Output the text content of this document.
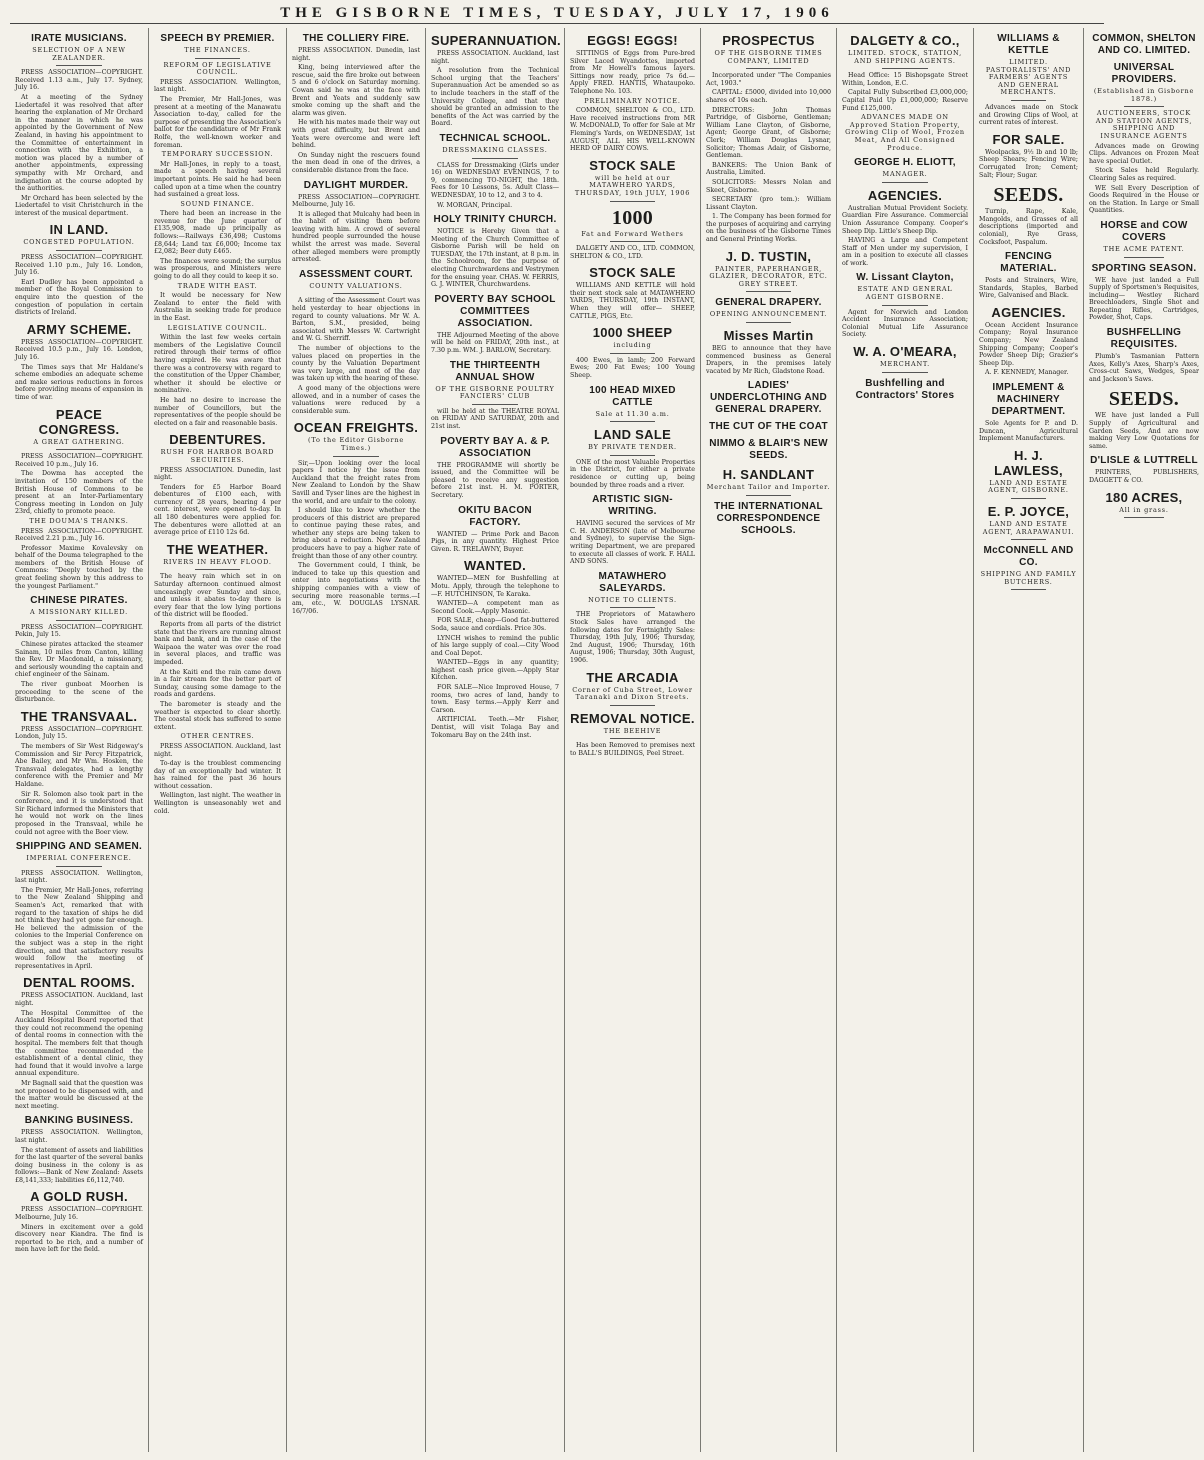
THE GISBORNE TIMES, TUESDAY, JULY 17, 1906
IRATE MUSICIANS.
SELECTION OF A NEW ZEALANDER.

PRESS ASSOCIATION—COPYRIGHT. Received 1.13 a.m., July 17. Sydney, July 16.

At a meeting of the Sydney Liedertafel it was resolved that after hearing the explanation of Mr Orchard in the manner in which he was appointed by the Government of New Zealand, in having his appointment to the Committee of entertainment in connection with the Exhibition, a motion was placed by a number of another appointments, expressing sympathy with Mr Orchard, and indignation at the course adopted by the authorities.

Mr Orchard has been selected by the Liedertafel to visit Christchurch in the interest of the musical department.

IN LAND.
CONGESTED POPULATION.

PRESS ASSOCIATION—COPYRIGHT. Received 1.10 p.m., July 16. London, July 16.

Earl Dudley has been appointed a member of the Royal Commission to enquire into the question of the congestion of population in certain districts of Ireland.

ARMY SCHEME.

PRESS ASSOCIATION—COPYRIGHT. Received 10.5 p.m., July 16. London, July 16.

The Times says that Mr Haldane's scheme embodies an adequate scheme and make serious reductions in forces before providing means of expansion in time of war.

PEACE CONGRESS.
A GREAT GATHERING.

PRESS ASSOCIATION—COPYRIGHT. Received 10 p.m., July 16.

The Dowma has accepted the invitation of 150 members of the British House of Commons to be present at an Inter-Parliamentary Congress meeting in London on July 23rd, chiefly to promote peace.

THE DOUMA'S THANKS.

PRESS ASSOCIATION—COPYRIGHT. Received 2.21 p.m., July 16.

Professor Maxime Kovalevsky on behalf of the Douma telegraphed to the members of the British House of Commons: "Deeply touched by the great feeling shown by this address to the youngest Parliament."

CHINESE PIRATES.
A MISSIONARY KILLED.

PRESS ASSOCIATION—COPYRIGHT. Pekin, July 15.

Chinese pirates attacked the steamer Sainam, 10 miles from Canton, killing the Rev. Dr Macdonald, a missionary, and seriously wounding the captain and chief engineer of the Sainam.

The river gunboat Moorhen is proceeding to the scene of the disturbance.

THE TRANSVAAL.

PRESS ASSOCIATION—COPYRIGHT. London, July 15.

The members of Sir West Ridgeway's Commission and Sir Percy Fitzpatrick, Abe Bailey, and Mr Wm. Hosken, the Transvaal delegates, had a lengthy conference with the Premier and Mr Haldane.

Sir R. Solomon also took part in the conference, and it is understood that Sir Richard informed the Ministers that he would not work on the lines proposed in the Transvaal, while he could not agree with the Boer view.

SHIPPING AND SEAMEN.
IMPERIAL CONFERENCE.

PRESS ASSOCIATION. Wellington, last night.

The Premier, Mr Hall-Jones, referring to the New Zealand Shipping and Seamen's Act, remarked that with regard to the taxation of ships he did not think they had yet gone far enough. He believed the admission of the colonies to the Imperial Conference on the subject was a step in the right direction, and that satisfactory results would follow the meeting of representatives in April.

DENTAL ROOMS.

PRESS ASSOCIATION. Auckland, last night.

The Hospital Committee of the Auckland Hospital Board reported that they could not recommend the opening of dental rooms in connection with the hospital. The members felt that though the committee recommended the establishment of a dental clinic, they had found that it would involve a large annual expenditure.

Mr Bagnall said that the question was not proposed to be dispensed with, and the matter would be discussed at the next meeting.

BANKING BUSINESS.

PRESS ASSOCIATION. Wellington, last night.

The statement of assets and liabilities for the last quarter of the several banks doing business in the colony is as follows:—Bank of New Zealand: Assets £8,141,333; liabilities £6,112,740.

A GOLD RUSH.

PRESS ASSOCIATION—COPYRIGHT. Melbourne, July 16.

Miners in excitement over a gold discovery near Kiandra. The find is reported to be rich, and a number of men have left for the field.

SPEECH BY PREMIER.
THE FINANCES.
REFORM OF LEGISLATIVE COUNCIL.

PRESS ASSOCIATION. Wellington, last night.

The Premier, Mr Hall-Jones, was present at a meeting of the Manawatu Association to-day, called for the purpose of presenting the Association's ballot for the candidature of Mr Frank Rolfe, the well-known worker and foreman.

TEMPORARY SUCCESSION.

Mr Hall-Jones, in reply to a toast, made a speech having several important points. He said he had been called upon at a time when the country had sustained a great loss.

SOUND FINANCE.

There had been an increase in the revenue for the June quarter of £135,908, made up principally as follows:—Railways £36,498; Customs £8,644; Land tax £6,000; Income tax £2,082; Beer duty £465.

The finances were sound; the surplus was prosperous, and Ministers were going to do all they could to keep it so.

TRADE WITH EAST.

It would be necessary for New Zealand to enter the field with Australia in seeking trade for produce in the East.

LEGISLATIVE COUNCIL.

Within the last few weeks certain members of the Legislative Council retired through their terms of office having expired. He was aware that there was a controversy with regard to the constitution of the Upper Chamber, whether it should be elective or nominative.

He had no desire to increase the number of Councillors, but the representatives of the people should be elected on a fair and reasonable basis.

DEBENTURES.
RUSH FOR HARBOR BOARD SECURITIES.

PRESS ASSOCIATION. Dunedin, last night.

Tenders for £5 Harbor Board debentures of £100 each, with currency of 28 years, bearing 4 per cent. interest, were opened to-day. In all 180 debentures were applied for. The debentures were allotted at an average price of £110 12s 6d.

THE WEATHER.
RIVERS IN HEAVY FLOOD.

The heavy rain which set in on Saturday afternoon continued almost unceasingly over Sunday and since, and unless it abates to-day there is every fear that the low lying portions of the district will be flooded.

Reports from all parts of the district state that the rivers are running almost bank and bank, and in the case of the Waipaoa the water was over the road in several places, and traffic was impeded.

At the Kaiti end the rain came down in a fair stream for the better part of Sunday, causing some damage to the roads and gardens.

The barometer is steady and the weather is expected to clear shortly. The coastal stock has suffered to some extent.

OTHER CENTRES.

PRESS ASSOCIATION. Auckland, last night.

To-day is the troublest commencing day of an exceptionally bad winter. It has rained for the past 36 hours without cessation.

Wellington, last night. The weather in Wellington is unseasonably wet and cold.

THE COLLIERY FIRE.

PRESS ASSOCIATION. Dunedin, last night.

King, being interviewed after the rescue, said the fire broke out between 5 and 6 o'clock on Saturday morning. Cowan said he was at the face with Brent and Yeats and suddenly saw smoke coming up the shaft and the alarm was given.

He with his mates made their way out with great difficulty, but Brent and Yeats were overcome and were left behind.

On Sunday night the rescuers found the men dead in one of the drives, a considerable distance from the face.

DAYLIGHT MURDER.

PRESS ASSOCIATION—COPYRIGHT. Melbourne, July 16.

It is alleged that Mulcahy had been in the habit of visiting them before leaving with him. A crowd of several hundred people surrounded the house whilst the arrest was made. Several other alleged members were promptly arrested.

ASSESSMENT COURT.
COUNTY VALUATIONS.

A sitting of the Assessment Court was held yesterday to hear objections in regard to county valuations. Mr W. A. Barton, S.M., presided, being associated with Messrs W. Cartwright and W. G. Sherriff.

The number of objections to the values placed on properties in the county by the Valuation Department was very large, and most of the day was taken up with the hearing of these.

A good many of the objections were allowed, and in a number of cases the valuations were reduced by a considerable sum.

OCEAN FREIGHTS.
(To the Editor Gisborne Times.)

Sir,—Upon looking over the local papers I notice by the issue from Auckland that the freight rates from New Zealand to London by the Shaw Savill and Tyser lines are the highest in the world, and are unfair to the colony.

I should like to know whether the producers of this district are prepared to continue paying these rates, and whether any steps are being taken to bring about a reduction. New Zealand producers have to pay a higher rate of freight than those of any other country.

The Government could, I think, be induced to take up this question and enter into negotiations with the shipping companies with a view of securing more reasonable terms.—I am, etc., W. DOUGLAS LYSNAR. 16/7/06.

SUPERANNUATION.

PRESS ASSOCIATION. Auckland, last night.

A resolution from the Technical School urging that the Teachers' Superannuation Act be amended so as to include teachers in the staff of the University College, and that they should be granted an admission to the benefits of the Act was carried by the Board.

TECHNICAL SCHOOL.
DRESSMAKING CLASSES.

CLASS for Dressmaking (Girls under 16) on WEDNESDAY EVENINGS, 7 to 9, commencing TO-NIGHT, the 18th. Fees for 10 Lessons, 5s. Adult Class—WEDNESDAY, 10 to 12, and 3 to 4.

W. MORGAN, Principal.

HOLY TRINITY CHURCH.

NOTICE is Hereby Given that a Meeting of the Church Committee of Gisborne Parish will be held on TUESDAY, the 17th instant, at 8 p.m. in the Schoolroom, for the purpose of electing Churchwardens and Vestrymen for the ensuing year. CHAS. W. FERRIS, G. J. WINTER, Churchwardens.

POVERTY BAY SCHOOL COMMITTEES ASSOCIATION.

THE Adjourned Meeting of the above will be held on FRIDAY, 20th inst., at 7.30 p.m. WM. J. BARLOW, Secretary.

THE THIRTEENTH ANNUAL SHOW
OF THE GISBORNE POULTRY FANCIERS' CLUB

will be held at the THEATRE ROYAL on FRIDAY AND SATURDAY, 20th and 21st inst.

POVERTY BAY A. & P. ASSOCIATION

THE PROGRAMME will shortly be issued, and the Committee will be pleased to receive any suggestion before 21st inst. H. M. PORTER, Secretary.

OKITU BACON FACTORY.

WANTED — Prime Pork and Bacon Pigs, in any quantity. Highest Price Given. R. TRELAWNY, Buyer.

WANTED.

WANTED—MEN for Bushfelling at Motu. Apply, through the telephone to—F. HUTCHINSON, Te Karaka.

WANTED—A competent man as Second Cook.—Apply Masonic.

FOR SALE, cheap—Good fat-buttered Soda, sauce and cordials. Price 30s.

LYNCH wishes to remind the public of his large supply of coal.—City Wood and Coal Depot.

WANTED—Eggs in any quantity; highest cash price given.—Apply Star Kitchen.

FOR SALE—Nice Improved House, 7 rooms, two acres of land, handy to town. Easy terms.—Apply Kerr and Carson.

ARTIFICIAL Teeth.—Mr Fisher, Dentist, will visit Tolaga Bay and Tokomaru Bay on the 24th inst.

EGGS! EGGS!

SITTINGS of Eggs from Pure-bred Silver Laced Wyandottes, imported from Mr Howell's famous layers. Sittings now ready, price 7s 6d.—Apply FRED. HANTIS, Whataupoko. Telephone No. 103.

PRELIMINARY NOTICE.

COMMON, SHELTON & CO., LTD. Have received instructions from MR W. McDONALD, To offer for Sale at Mr Fleming's Yards, on WEDNESDAY, 1st AUGUST, ALL HIS WELL-KNOWN HERD OF DAIRY COWS.

STOCK SALE
will be held at our MATAWHERO YARDS, THURSDAY, 19th JULY, 1906
1000
Fat and Forward Wethers

DALGETY AND CO., LTD. COMMON, SHELTON & CO., LTD.

STOCK SALE

WILLIAMS AND KETTLE will hold their next stock sale at MATAWHERO YARDS, THURSDAY, 19th INSTANT, When they will offer— SHEEP, CATTLE, PIGS, Etc.

1000 SHEEP
including

400 Ewes, in lamb; 200 Forward Ewes; 200 Fat Ewes; 100 Young Sheep.

100 HEAD MIXED CATTLE
Sale at 11.30 a.m.
LAND SALE
BY PRIVATE TENDER.

ONE of the most Valuable Properties in the District, for either a private residence or cutting up, being bounded by three roads and a river.

ARTISTIC SIGN-WRITING.

HAVING secured the services of Mr C. H. ANDERSON (late of Melbourne and Sydney), to supervise the Sign-writing Department, we are prepared to execute all classes of work. F. HALL AND SONS.

MATAWHERO SALEYARDS.
NOTICE TO CLIENTS.

THE Proprietors of Matawhero Stock Sales have arranged the following dates for Fortnightly Sales: Thursday, 19th July, 1906; Thursday, 2nd August, 1906; Thursday, 16th August, 1906; Thursday, 30th August, 1906.

THE ARCADIA
Corner of Cuba Street, Lower Taranaki and Dixon Streets.
REMOVAL NOTICE.
THE BEEHIVE

Has been Removed to premises next to BALL'S BUILDINGS, Peel Street.

PROSPECTUS
OF THE GISBORNE TIMES COMPANY, LIMITED

Incorporated under "The Companies Act, 1903."

CAPITAL: £5000, divided into 10,000 shares of 10s each.

DIRECTORS: John Thomas Partridge, of Gisborne, Gentleman; William Lane Clayton, of Gisborne, Agent; George Grant, of Gisborne; Clerk; William Douglas Lysnar, Solicitor; Thomas Adair, of Gisborne, Gentleman.

BANKERS: The Union Bank of Australia, Limited.

SOLICITORS: Messrs Nolan and Skeet, Gisborne.

SECRETARY (pro tem.): William Lissant Clayton.

1. The Company has been formed for the purposes of acquiring and carrying on the business of the Gisborne Times and General Printing Works.

J. D. TUSTIN,
PAINTER, PAPERHANGER, GLAZIER, DECORATOR, ETC. GREY STREET.
GENERAL DRAPERY.
OPENING ANNOUNCEMENT.
Misses Martin

BEG to announce that they have commenced business as General Drapers, in the premises lately vacated by Mr Rich, Gladstone Road.

LADIES' UNDERCLOTHING AND GENERAL DRAPERY.
THE CUT OF THE COAT
NIMMO & BLAIR'S NEW SEEDS.
H. SANDLANT
Merchant Tailor and Importer.
THE INTERNATIONAL CORRESPONDENCE SCHOOLS.
DALGETY & CO.,
LIMITED. STOCK, STATION, AND SHIPPING AGENTS.

Head Office: 15 Bishopsgate Street Within, London, E.C.

Capital Fully Subscribed £3,000,000; Capital Paid Up £1,000,000; Reserve Fund £125,000.

ADVANCES MADE ON Approved Station Property, Growing Clip of Wool, Frozen Meat, And All Consigned Produce.
GEORGE H. ELIOTT,
MANAGER.
AGENCIES.

Australian Mutual Provident Society. Guardian Fire Assurance. Commercial Union Assurance Company. Cooper's Sheep Dip. Little's Sheep Dip.

HAVING a Large and Competent Staff of Men under my supervision, I am in a position to execute all classes of work.

W. Lissant Clayton,
ESTATE AND GENERAL AGENT GISBORNE.

Agent for Norwich and London Accident Insurance Association; Colonial Mutual Life Assurance Society.

W. A. O'MEARA,
MERCHANT.
Bushfelling and Contractors' Stores
WILLIAMS & KETTLE
LIMITED. PASTORALISTS' AND FARMERS' AGENTS AND GENERAL MERCHANTS.

Advances made on Stock and Growing Clips of Wool, at current rates of interest.

FOR SALE.

Woolpacks, 9½ lb and 10 lb; Sheep Shears; Fencing Wire; Corrugated Iron; Cement; Salt; Flour; Sugar.

SEEDS.

Turnip, Rape, Kale, Mangolds, and Grasses of all descriptions (imported and colonial), Rye Grass, Cocksfoot, Paspalum.

FENCING MATERIAL.

Posts and Strainers, Wire, Standards, Staples, Barbed Wire, Galvanised and Black.

AGENCIES.

Ocean Accident Insurance Company; Royal Insurance Company; New Zealand Shipping Company; Cooper's Powder Sheep Dip; Grazier's Sheep Dip.

A. F. KENNEDY, Manager.

IMPLEMENT & MACHINERY DEPARTMENT.

Sole Agents for P. and D. Duncan, Agricultural Implement Manufacturers.

H. J. LAWLESS,
LAND AND ESTATE AGENT, GISBORNE.
E. P. JOYCE,
LAND AND ESTATE AGENT, ARAPAWANUI.
McCONNELL AND CO.
SHIPPING AND FAMILY BUTCHERS.
COMMON, SHELTON AND CO. LIMITED.
UNIVERSAL PROVIDERS.
(Established in Gisborne 1878.)
AUCTIONEERS, STOCK AND STATION AGENTS, SHIPPING AND INSURANCE AGENTS

Advances made on Growing Clips. Advances on Frozen Meat have special Outlet.

Stock Sales held Regularly. Clearing Sales as required.

WE Sell Every Description of Goods Required in the House or on the Station. In Large or Small Quantities.

HORSE and COW COVERS
THE ACME PATENT.
SPORTING SEASON.

WE have just landed a Full Supply of Sportsmen's Requisites, including— Westley Richard Breechloaders, Single Shot and Repeating Rifles, Cartridges, Powder, Shot, Caps.

BUSHFELLING REQUISITES.

Plumb's Tasmanian Pattern Axes, Kelly's Axes, Sharp's Axes, Cross-cut Saws, Wedges, Spear and Jackson's Saws.

SEEDS.

WE have just landed a Full Supply of Agricultural and Garden Seeds, And are now making Very Low Quotations for same.

D'LISLE & LUTTRELL

PRINTERS, PUBLISHERS, DAGGETT & CO.

180 ACRES,
All in grass.
